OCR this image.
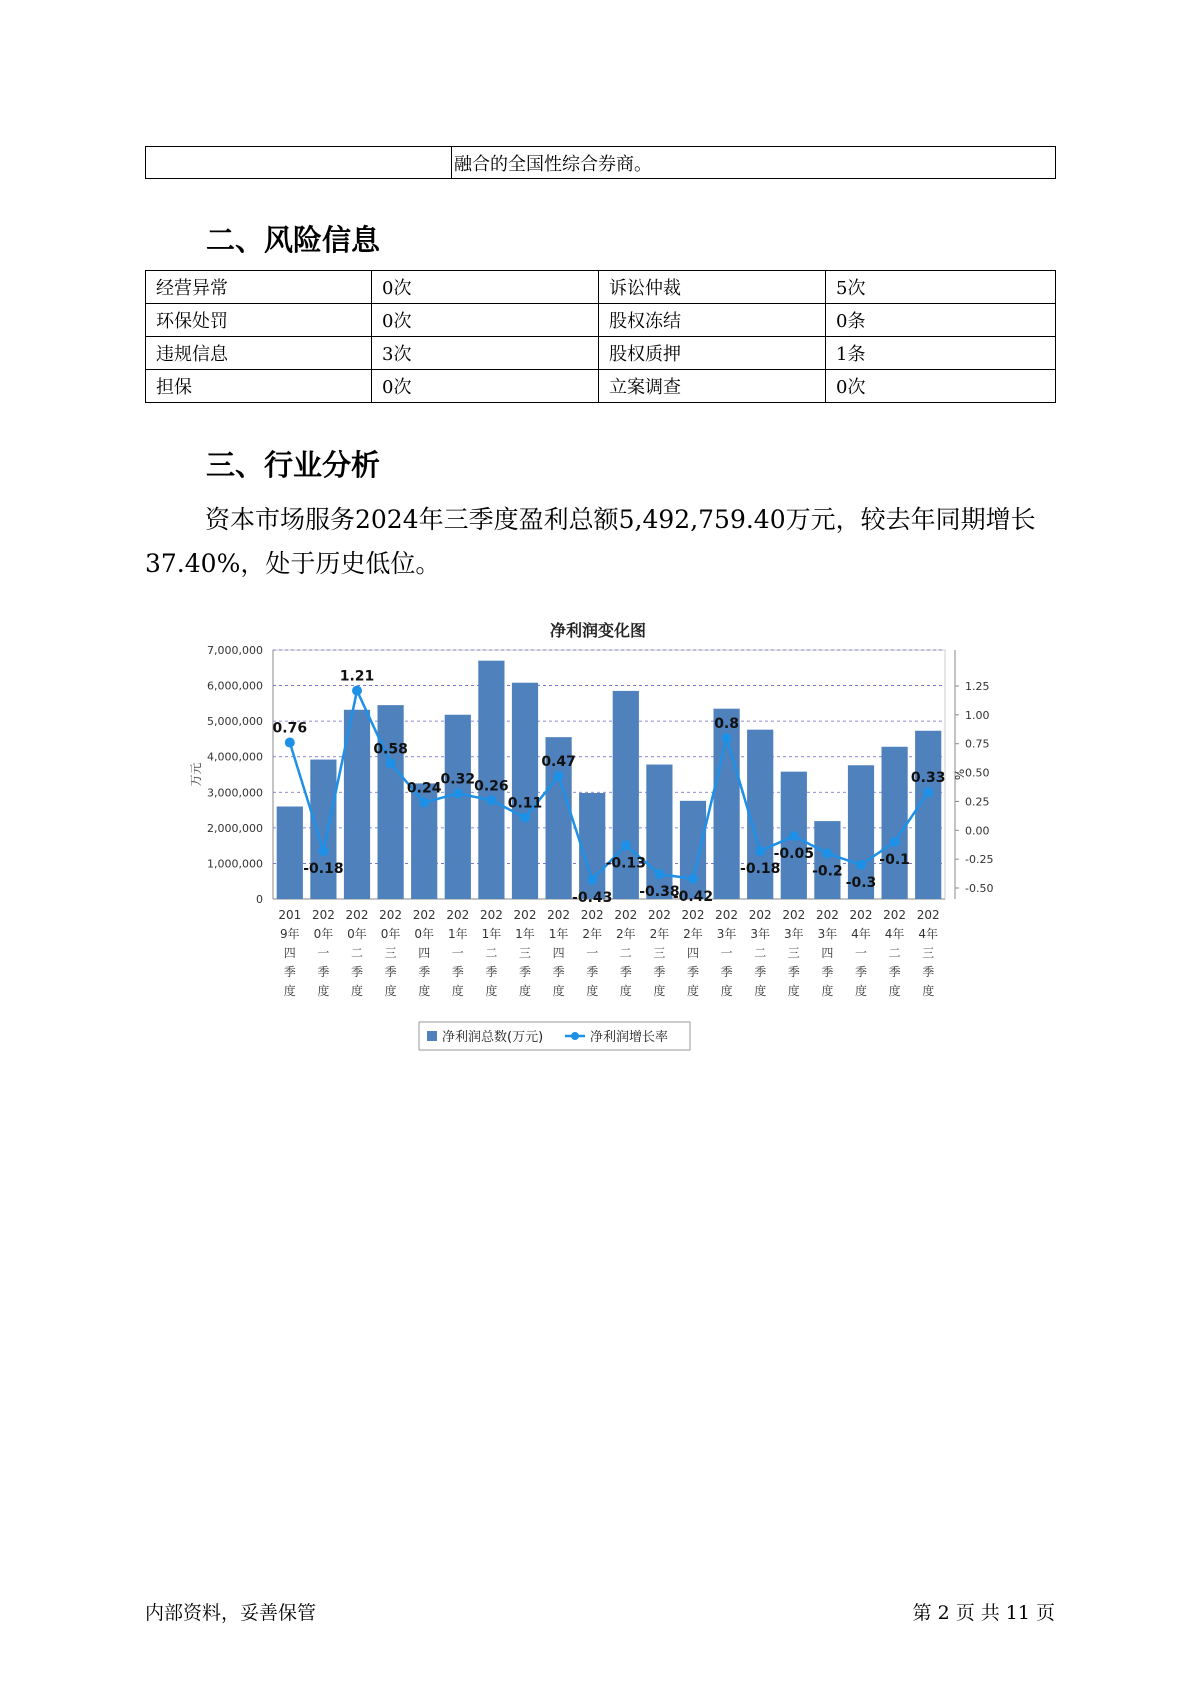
	融合的全国性综合券商。
二、风险信息
经营异常	0次	诉讼仲裁	5次
环保处罚	0次	股权冻结	0条
违规信息	3次	股权质押	1条
担保	0次	立案调查	0次
三、行业分析

资本市场服务2024年三季度盈利总额5,492,759.40万元，较去年同期增长37.40%，处于历史低位。

净利润变化图
0
1,000,000
2,000,000
3,000,000
4,000,000
5,000,000
6,000,000
7,000,000
-0.50
-0.25
0.00
0.25
0.50
0.75
1.00
1.25
万元	%
201 9年四季度
202 0年一季度
202 0年二季度
202 0年三季度
202 0年四季度
202 1年一季度
202 1年二季度
202 1年三季度
202 1年四季度
202 2年一季度
202 2年二季度
202 2年三季度
202 2年四季度
202 3年一季度
202 3年二季度
202 3年三季度
202 3年四季度
202 4年一季度
202 4年二季度
202 4年三季度
0.76
-0.18
1.21
0.58
0.24
0.32 0.26
0.11
0.47
-0.43
-0.13
-0.38
-0.42
0.8
-0.18
-0.05
-0.2
-0.3
-0.1
0.33
净利润总数(万元)	净利润增长率
内部资料，妥善保管	第 2 页 共 11 页
